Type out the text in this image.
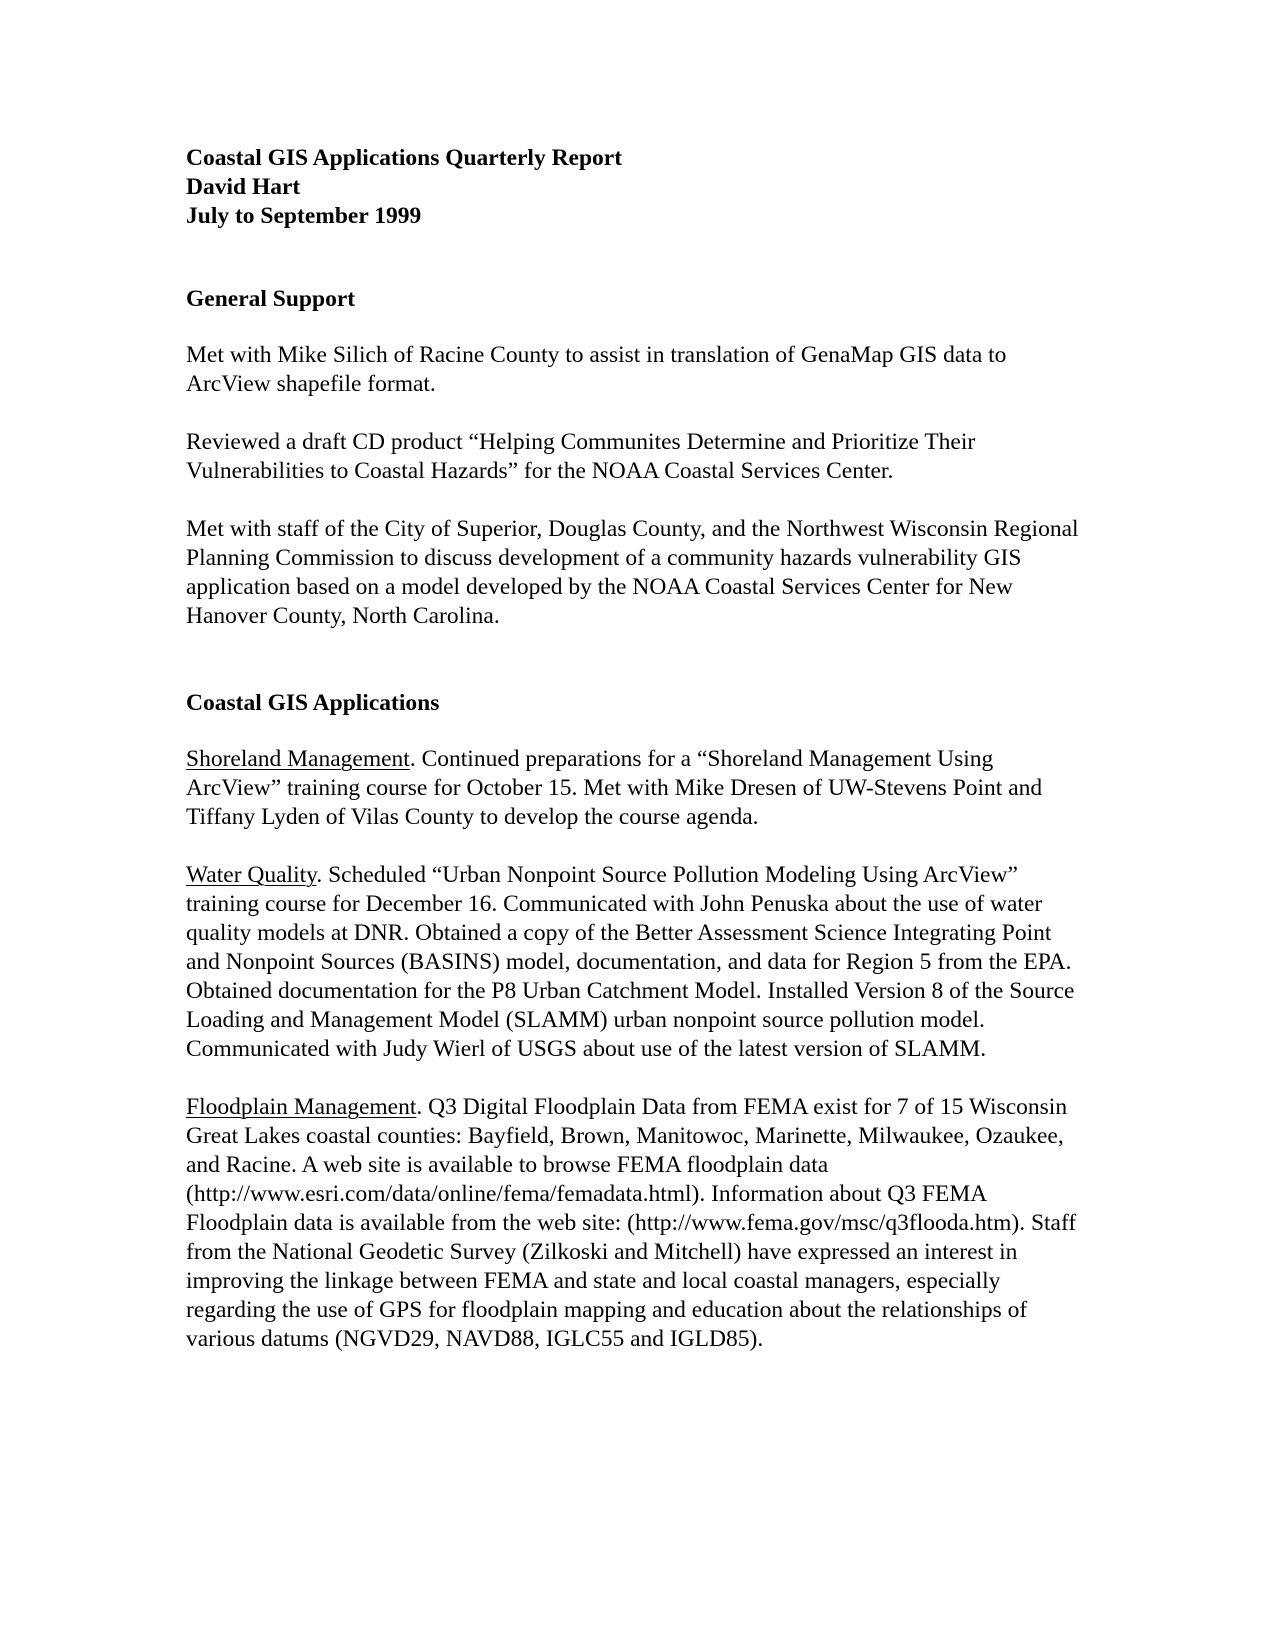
Coastal GIS Applications Quarterly Report

David Hart

July to September 1999

General Support

Met with Mike Silich of Racine County to assist in translation of GenaMap GIS data to ArcView shapefile format.

Reviewed a draft CD product “Helping Communites Determine and Prioritize Their Vulnerabilities to Coastal Hazards” for the NOAA Coastal Services Center.

Met with staff of the City of Superior, Douglas County, and the Northwest Wisconsin Regional Planning Commission to discuss development of a community hazards vulnerability GIS application based on a model developed by the NOAA Coastal Services Center for New Hanover County, North Carolina.

Coastal GIS Applications

Shoreland Management. Continued preparations for a “Shoreland Management Using ArcView” training course for October 15. Met with Mike Dresen of UW-Stevens Point and Tiffany Lyden of Vilas County to develop the course agenda.

Water Quality. Scheduled “Urban Nonpoint Source Pollution Modeling Using ArcView” training course for December 16. Communicated with John Penuska about the use of water quality models at DNR. Obtained a copy of the Better Assessment Science Integrating Point and Nonpoint Sources (BASINS) model, documentation, and data for Region 5 from the EPA. Obtained documentation for the P8 Urban Catchment Model. Installed Version 8 of the Source Loading and Management Model (SLAMM) urban nonpoint source pollution model. Communicated with Judy Wierl of USGS about use of the latest version of SLAMM.

Floodplain Management. Q3 Digital Floodplain Data from FEMA exist for 7 of 15 Wisconsin Great Lakes coastal counties: Bayfield, Brown, Manitowoc, Marinette, Milwaukee, Ozaukee, and Racine. A web site is available to browse FEMA floodplain data (http://www.esri.com/data/online/fema/femadata.html). Information about Q3 FEMA Floodplain data is available from the web site: (http://www.fema.gov/msc/q3flooda.htm). Staff from the National Geodetic Survey (Zilkoski and Mitchell) have expressed an interest in improving the linkage between FEMA and state and local coastal managers, especially regarding the use of GPS for floodplain mapping and education about the relationships of various datums (NGVD29, NAVD88, IGLC55 and IGLD85).
